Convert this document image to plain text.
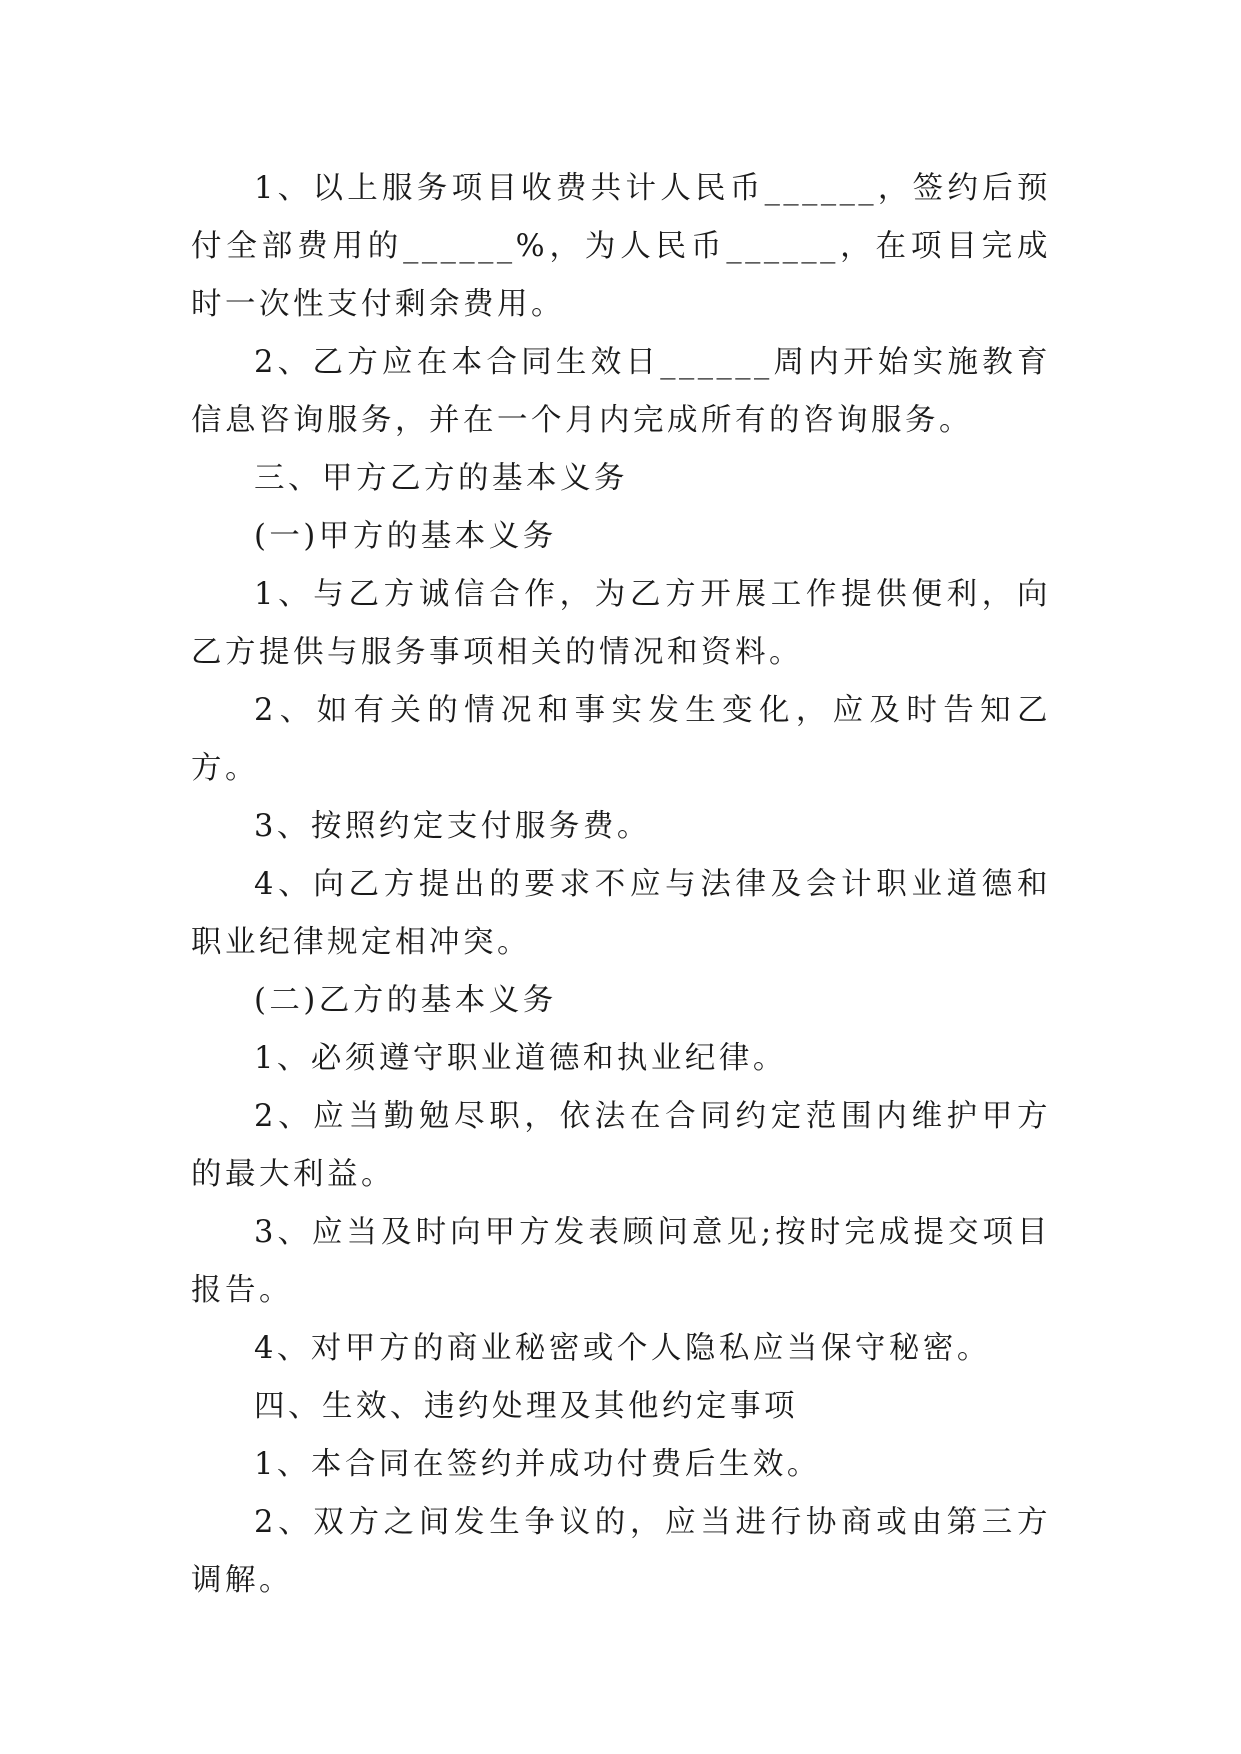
1、以上服务项目收费共计人民币______，签约后预付全部费用的______%，为人民币______，在项目完成时一次性支付剩余费用。

2、乙方应在本合同生效日______周内开始实施教育信息咨询服务，并在一个月内完成所有的咨询服务。

三、甲方乙方的基本义务

(一)甲方的基本义务

1、与乙方诚信合作，为乙方开展工作提供便利，向乙方提供与服务事项相关的情况和资料。

2、如有关的情况和事实发生变化，应及时告知乙方。

3、按照约定支付服务费。

4、向乙方提出的要求不应与法律及会计职业道德和职业纪律规定相冲突。

(二)乙方的基本义务

1、必须遵守职业道德和执业纪律。

2、应当勤勉尽职，依法在合同约定范围内维护甲方的最大利益。

3、应当及时向甲方发表顾问意见;按时完成提交项目报告。

4、对甲方的商业秘密或个人隐私应当保守秘密。

四、生效、违约处理及其他约定事项

1、本合同在签约并成功付费后生效。

2、双方之间发生争议的，应当进行协商或由第三方调解。
